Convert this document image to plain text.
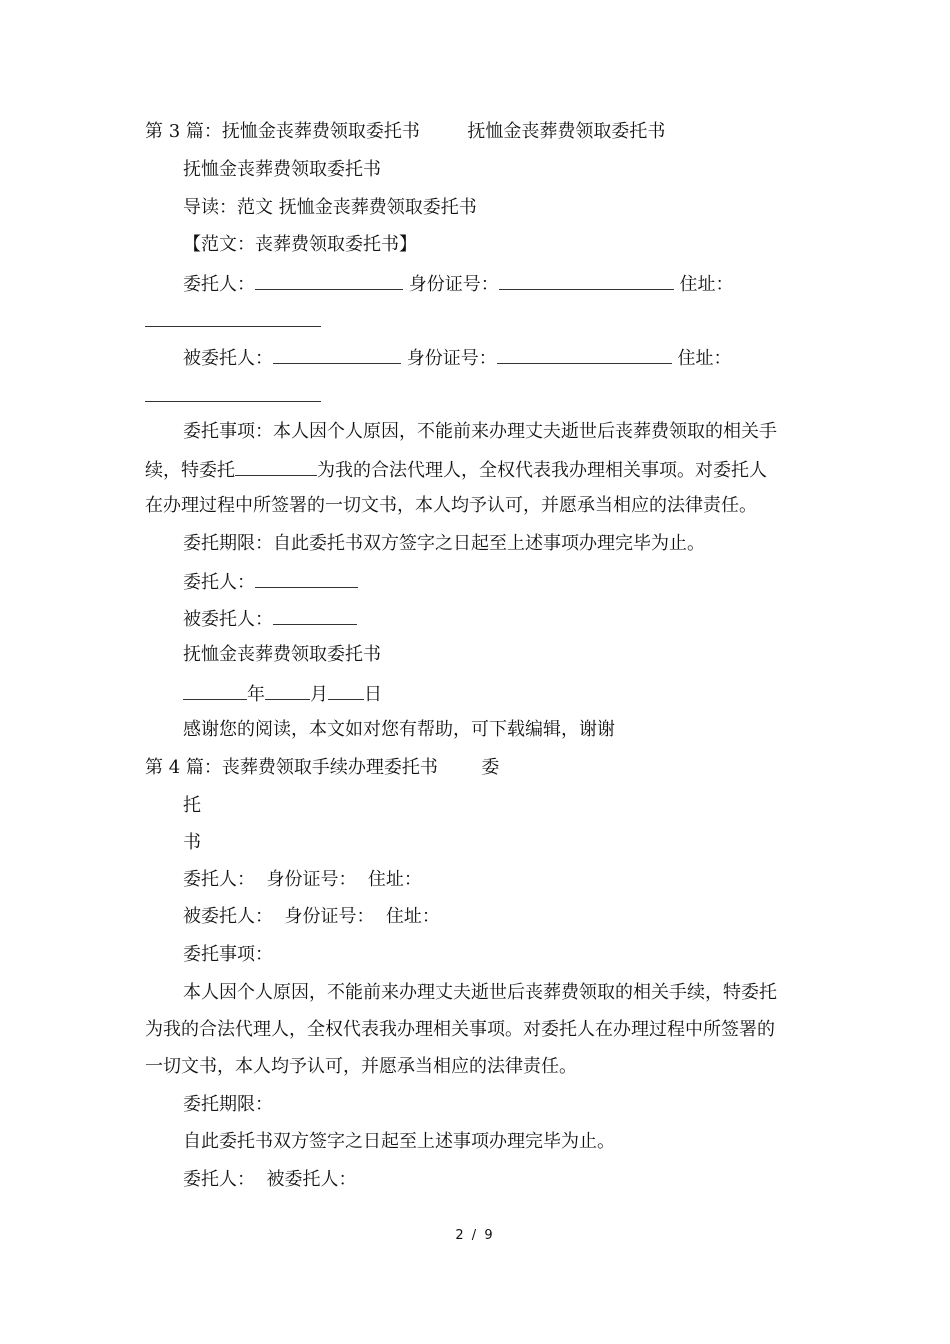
第 3 篇：抚恤金丧葬费领取委托书	抚恤金丧葬费领取委托书
抚恤金丧葬费领取委托书
导读：范文 抚恤金丧葬费领取委托书
【范文：丧葬费领取委托书】
委托人：	身份证号：	住址：
被委托人：	身份证号：	住址：
委托事项：本人因个人原因，不能前来办理丈夫逝世后丧葬费领取的相关手
续，特委托	为我的合法代理人，全权代表我办理相关事项。对委托人
在办理过程中所签署的一切文书，本人均予认可，并愿承当相应的法律责任。
委托期限：自此委托书双方签字之日起至上述事项办理完毕为止。
委托人：
被委托人：
抚恤金丧葬费领取委托书
年	月 日
感谢您的阅读，本文如对您有帮助，可下载编辑，谢谢
第 4 篇：丧葬费领取手续办理委托书 委
托
书
委托人：  身份证号：  住址：
被委托人：  身份证号：  住址：
委托事项：
本人因个人原因，不能前来办理丈夫逝世后丧葬费领取的相关手续，特委托
为我的合法代理人，全权代表我办理相关事项。对委托人在办理过程中所签署的
一切文书，本人均予认可，并愿承当相应的法律责任。
委托期限：
自此委托书双方签字之日起至上述事项办理完毕为止。
委托人：  被委托人：
2 / 9
